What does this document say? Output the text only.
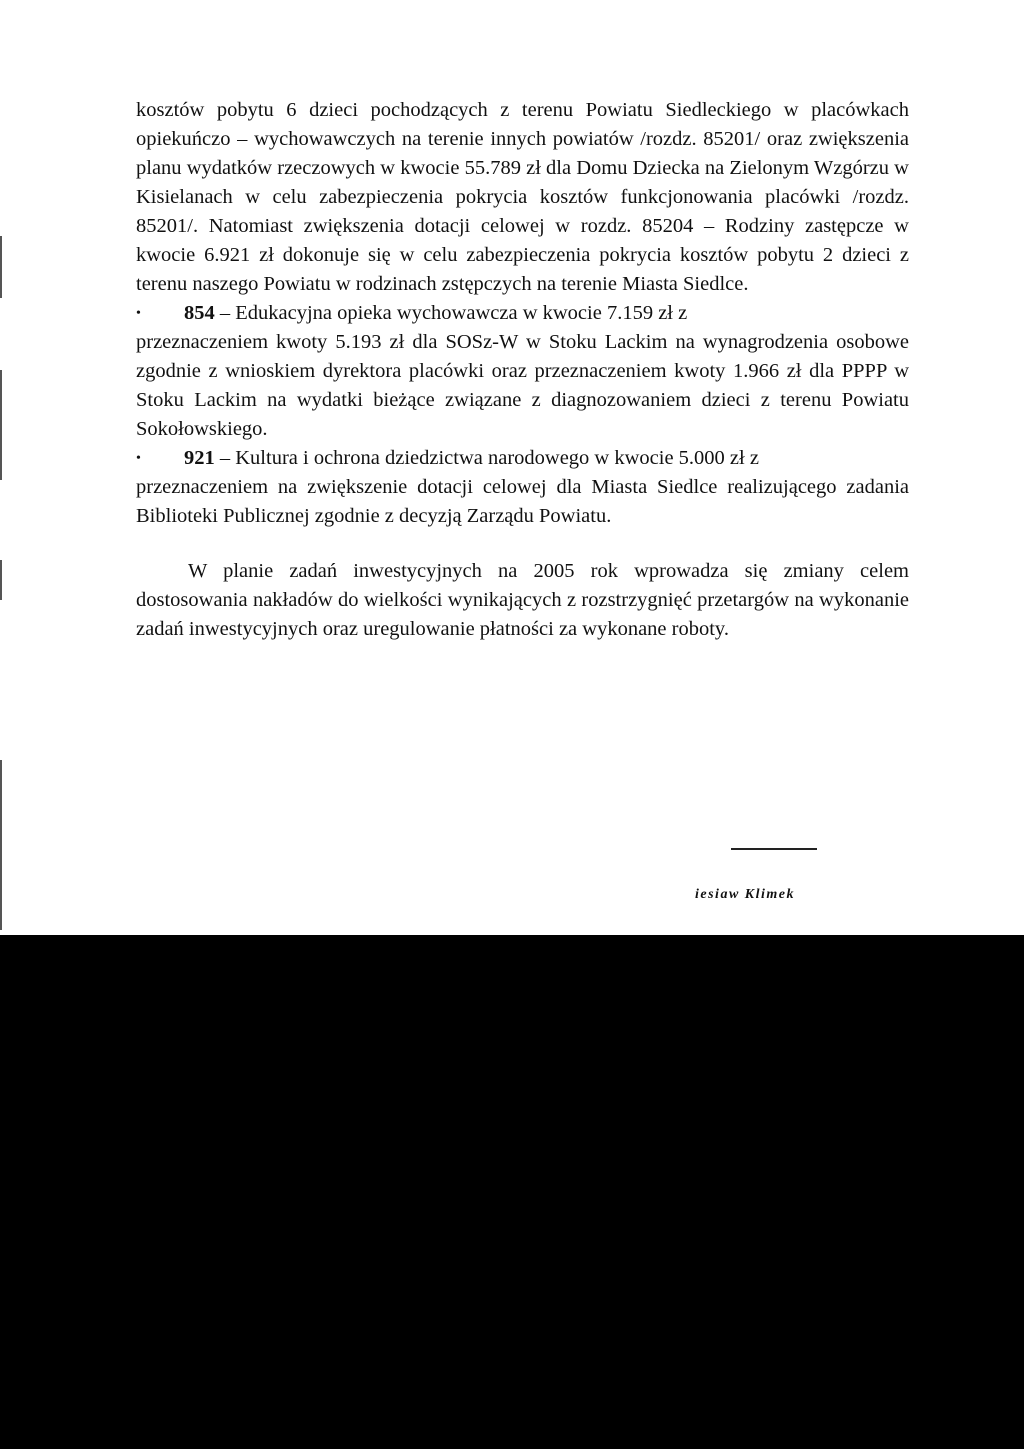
kosztów pobytu 6 dzieci pochodzących z terenu Powiatu Siedleckiego w placówkach opiekuńczo – wychowawczych na terenie innych powiatów /rozdz. 85201/ oraz zwiększenia planu wydatków rzeczowych w kwocie 55.789 zł dla Domu Dziecka na Zielonym Wzgórzu w Kisielanach w celu zabezpieczenia pokrycia kosztów funkcjonowania placówki /rozdz. 85201/. Natomiast zwiększenia dotacji celowej w rozdz. 85204 – Rodziny zastępcze w kwocie 6.921 zł dokonuje się w celu zabezpieczenia pokrycia kosztów pobytu 2 dzieci z terenu naszego Powiatu w rodzinach zstępczych na terenie Miasta Siedlce.

•	854 – Edukacyjna opieka wychowawcza w kwocie 7.159 zł z

przeznaczeniem kwoty 5.193 zł dla SOSz-W w Stoku Lackim na wynagrodzenia osobowe zgodnie z wnioskiem dyrektora placówki oraz przeznaczeniem kwoty 1.966 zł dla PPPP w Stoku Lackim na wydatki bieżące związane z diagnozowaniem dzieci z terenu Powiatu Sokołowskiego.

•	921 – Kultura i ochrona dziedzictwa narodowego w kwocie 5.000 zł z

przeznaczeniem na zwiększenie dotacji celowej dla Miasta Siedlce realizującego zadania Biblioteki Publicznej zgodnie z decyzją Zarządu Powiatu.

W planie zadań inwestycyjnych na 2005 rok wprowadza się zmiany celem dostosowania nakładów do wielkości wynikających z rozstrzygnięć przetargów na wykonanie zadań inwestycyjnych oraz uregulowanie płatności za wykonane roboty.

iesiaw Klimek
